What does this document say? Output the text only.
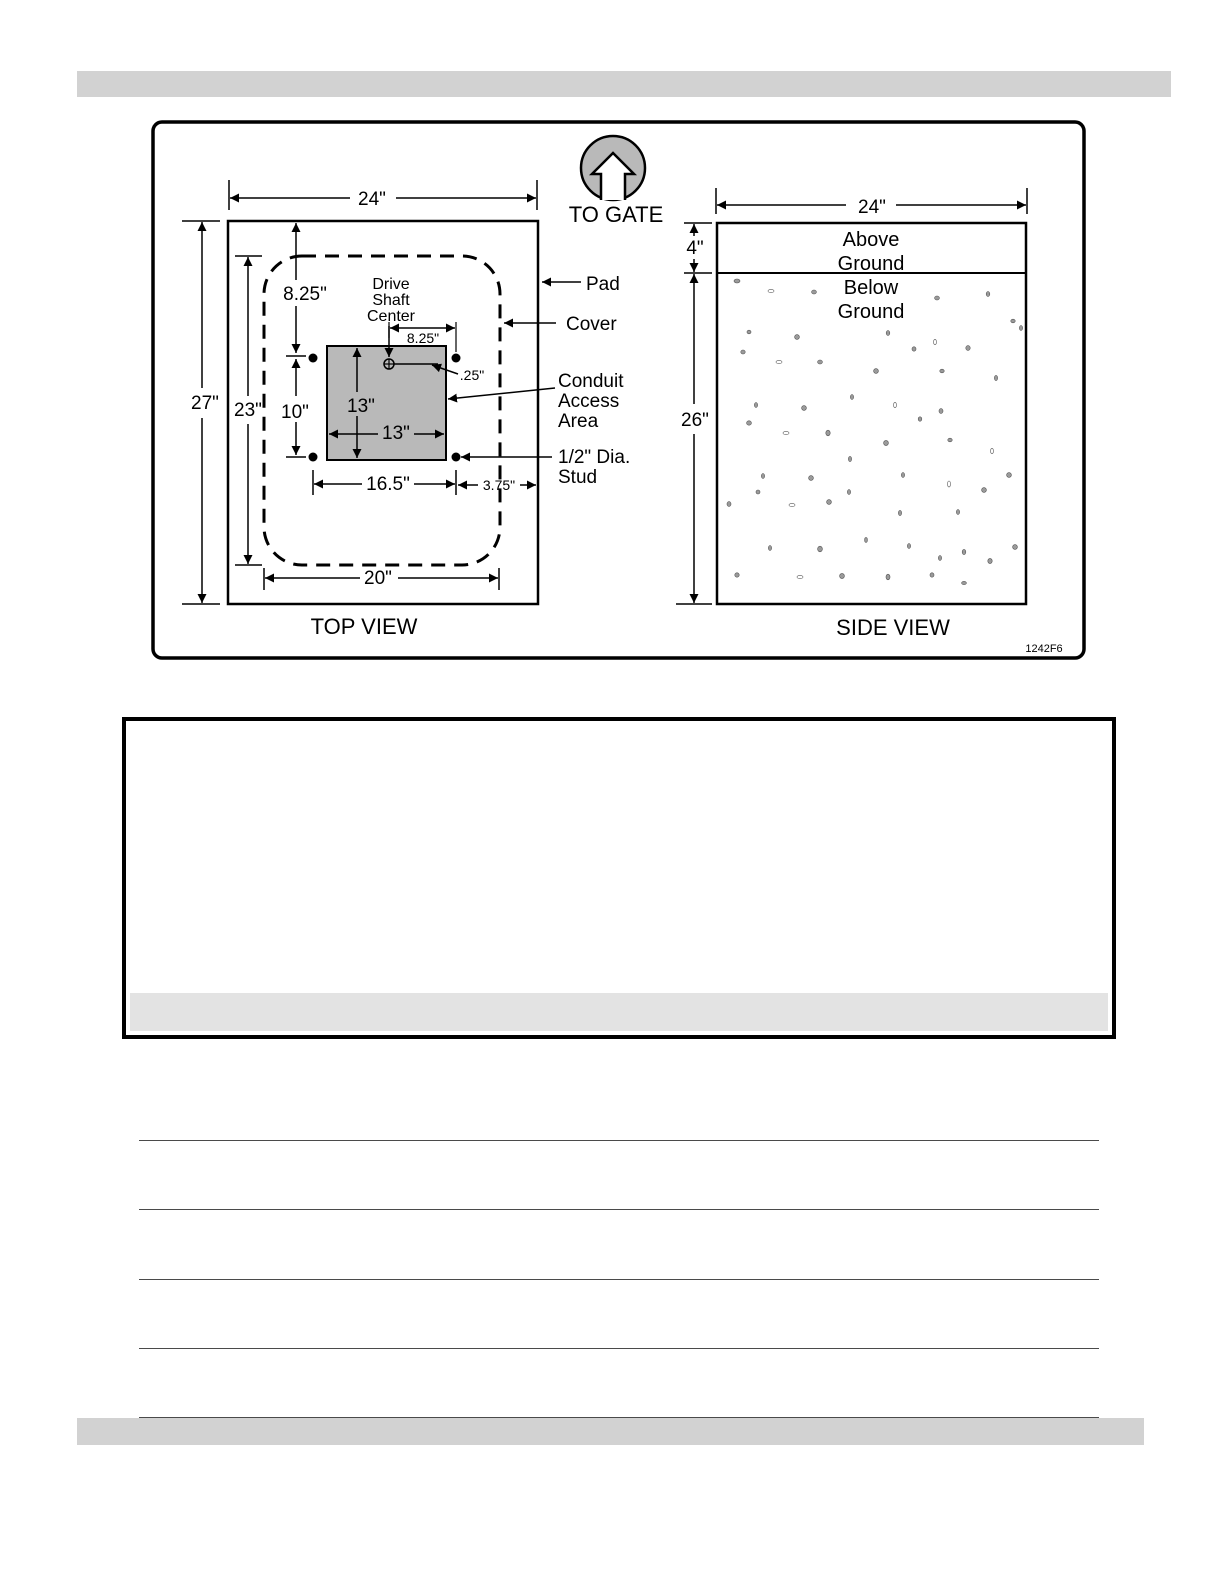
24"
27" 23"
8.25"
10" 13"
13"
16.5"	3.75"
8.25"
.25"
20"
Drive
Shaft
Center
Pad
Cover
Conduit
Access
Area
1/2" Dia.
Stud
TOP VIEW
TO GATE	24"
4"
26"
Above
Ground
Below
Ground
SIDE VIEW
1242F6
